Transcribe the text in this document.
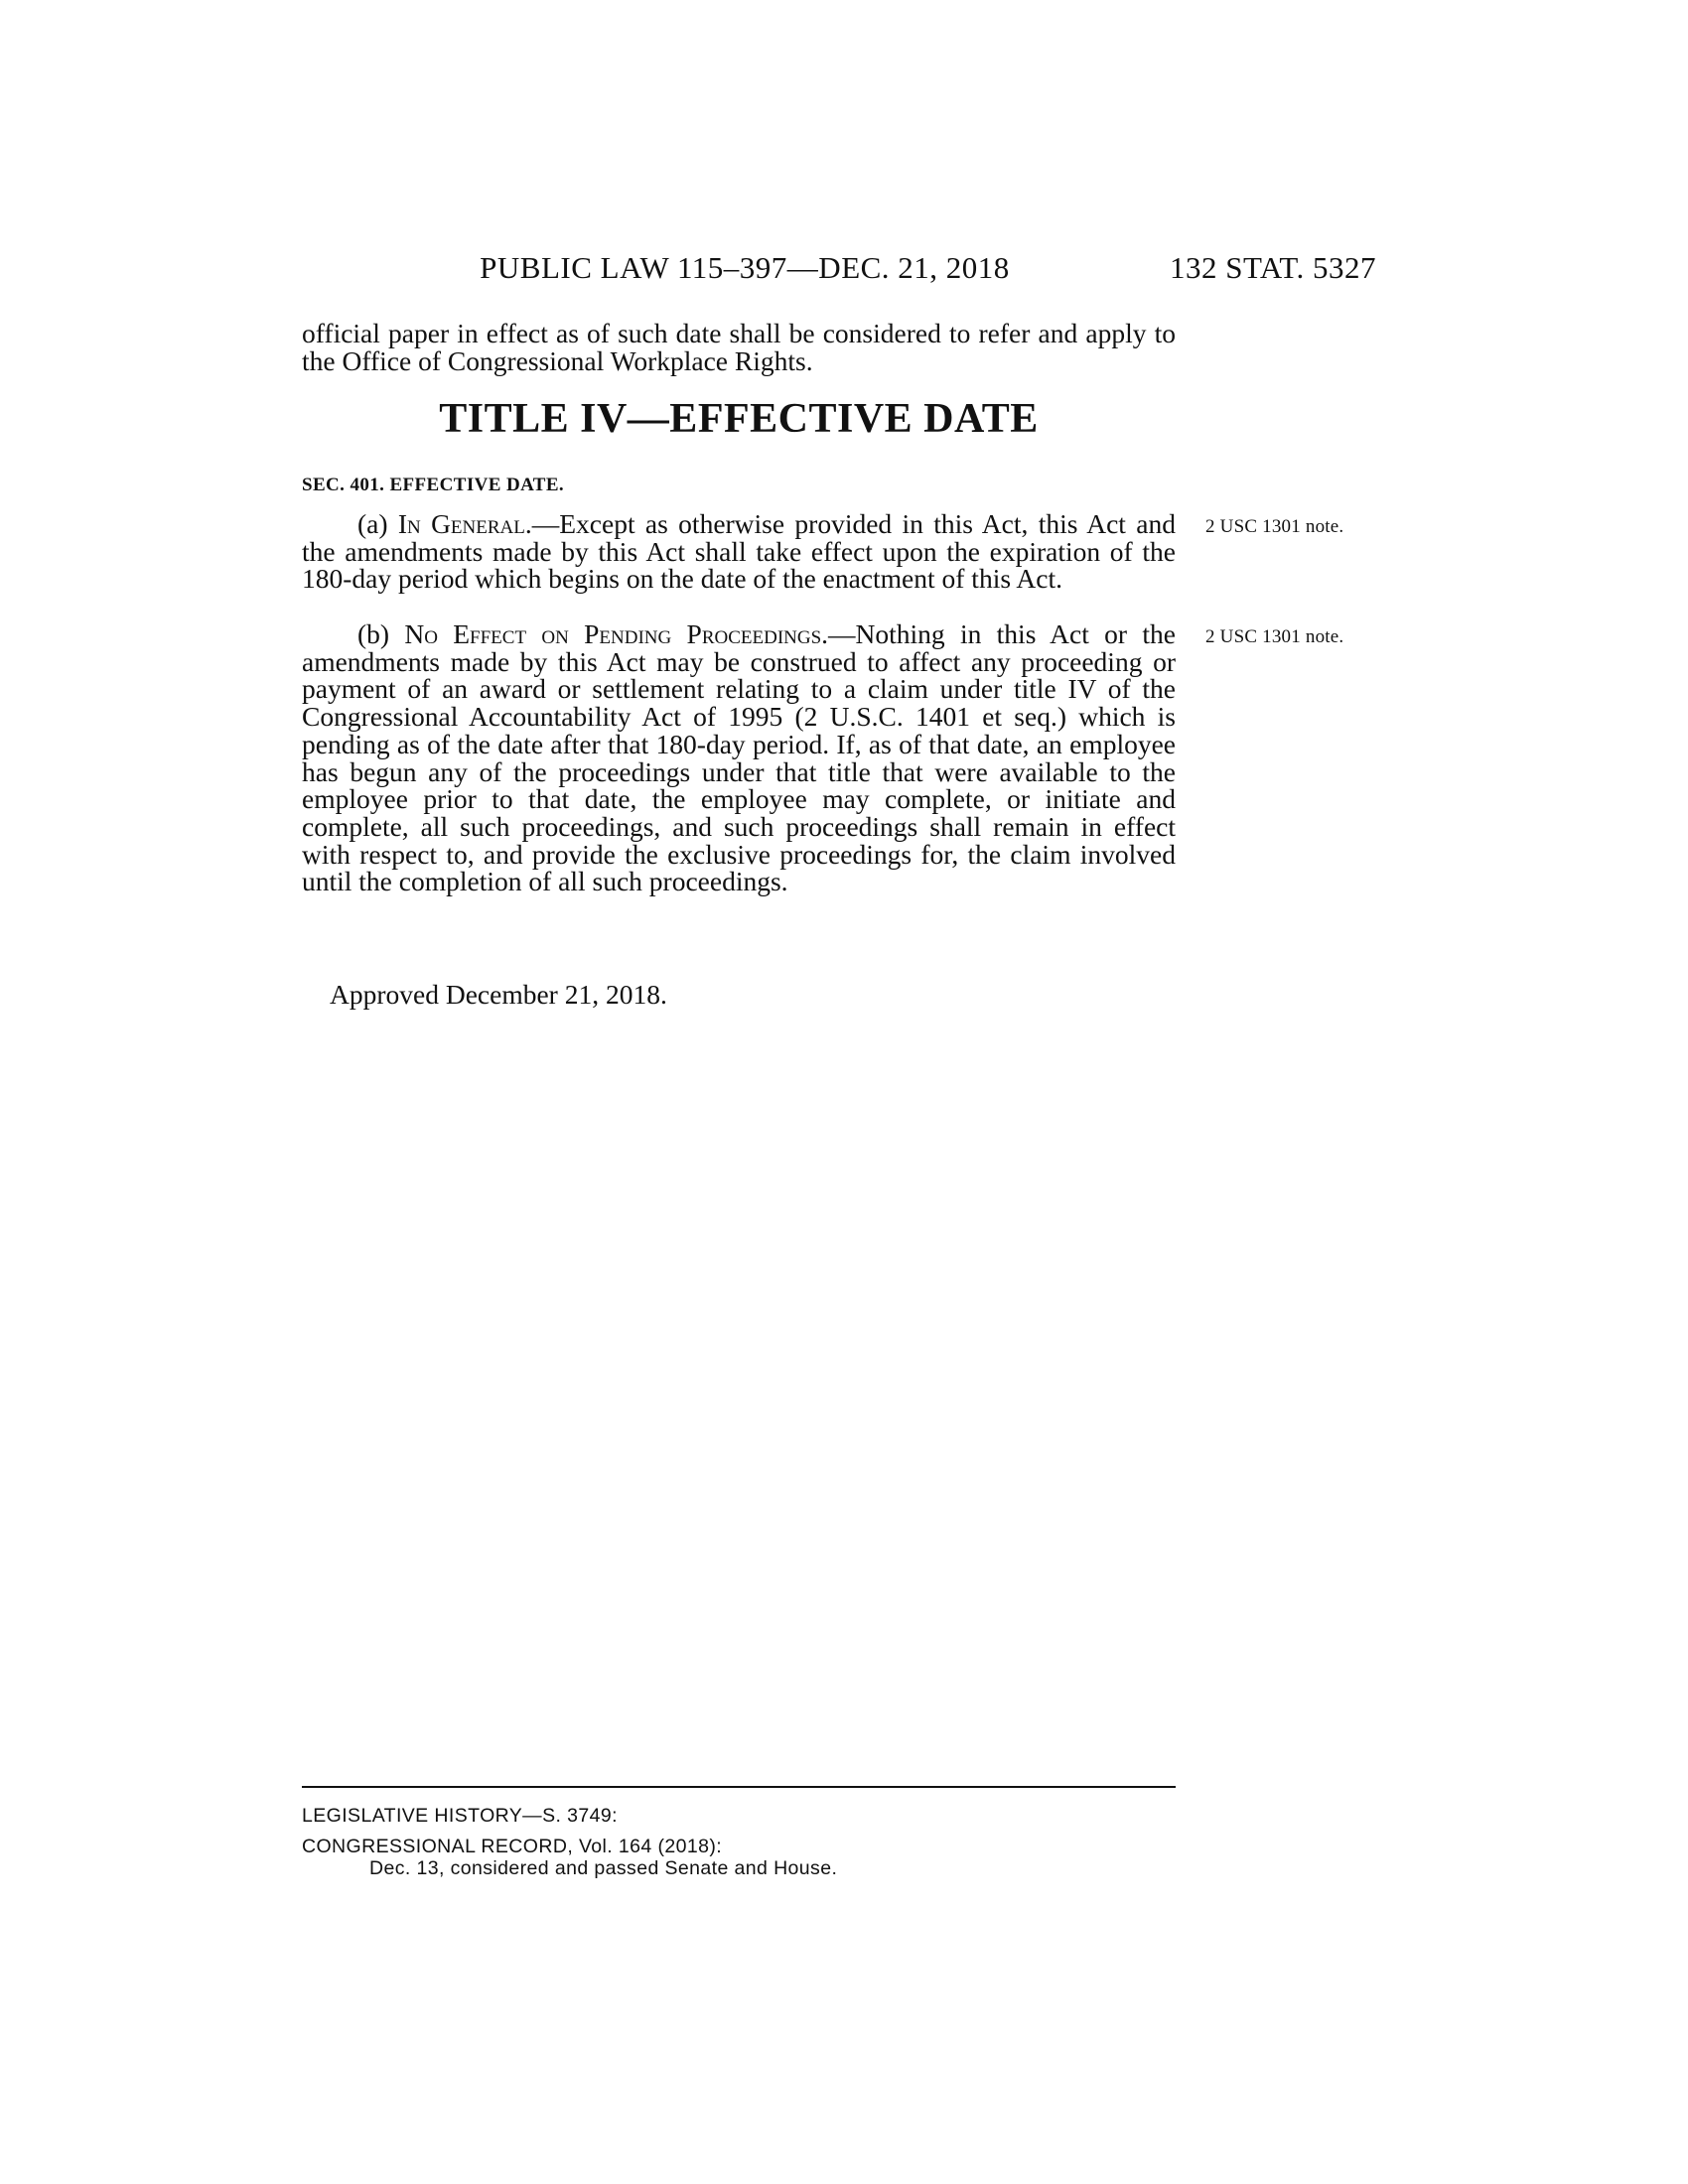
PUBLIC LAW 115–397—DEC. 21, 2018	132 STAT. 5327

official paper in effect as of such date shall be considered to refer and apply to the Office of Congressional Workplace Rights.

TITLE IV—EFFECTIVE DATE
SEC. 401. EFFECTIVE DATE.

(a) In General.—Except as otherwise provided in this Act, this Act and the amendments made by this Act shall take effect upon the expiration of the 180-day period which begins on the date of the enactment of this Act.

2 USC 1301 note.

(b) No Effect on Pending Proceedings.—Nothing in this Act or the amendments made by this Act may be construed to affect any proceeding or payment of an award or settlement relating to a claim under title IV of the Congressional Accountability Act of 1995 (2 U.S.C. 1401 et seq.) which is pending as of the date after that 180-day period. If, as of that date, an employee has begun any of the proceedings under that title that were available to the employee prior to that date, the employee may complete, or initiate and complete, all such proceedings, and such proceedings shall remain in effect with respect to, and provide the exclusive proceedings for, the claim involved until the completion of all such proceedings.

2 USC 1301 note.
Approved December 21, 2018.
LEGISLATIVE HISTORY—S. 3749:
CONGRESSIONAL RECORD, Vol. 164 (2018):
Dec. 13, considered and passed Senate and House.
